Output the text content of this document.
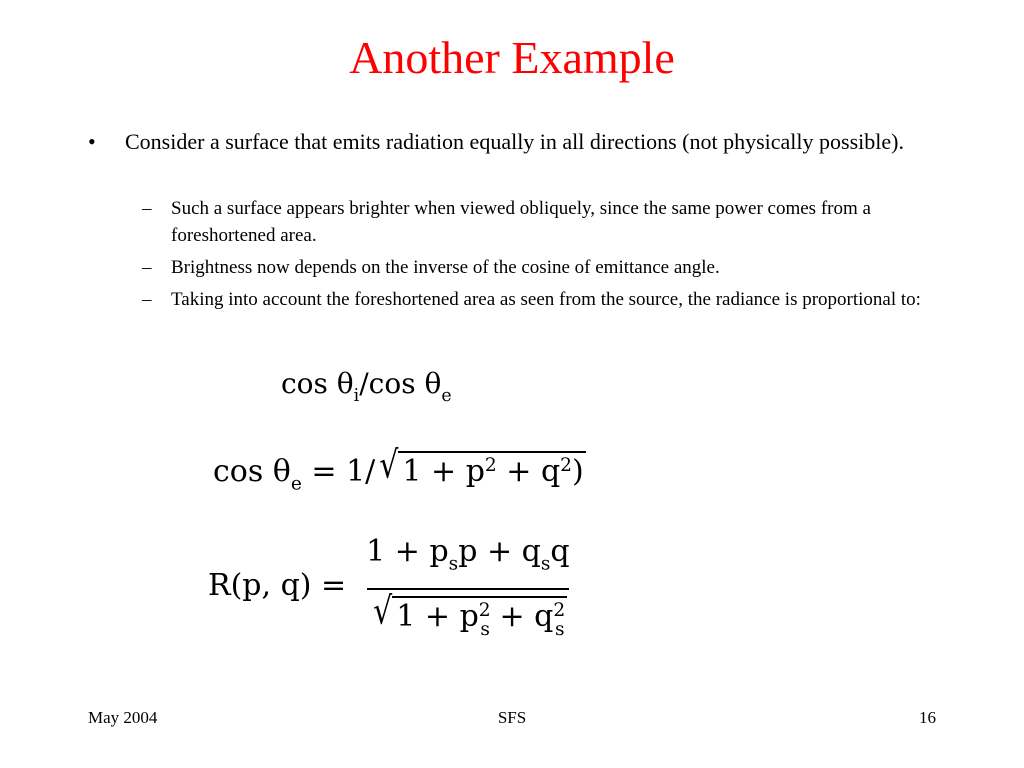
Another Example
• Consider a surface that emits radiation equally in all directions (not physically possible).
– Such a surface appears brighter when viewed obliquely, since the same power comes from a foreshortened area.
– Brightness now depends on the inverse of the cosine of emittance angle.
– Taking into account the foreshortened area as seen from the source, the radiance is proportional to:
$\cos \theta_i/\cos$ $\theta_e$
$\cos \theta_e = 1/$ √ $1 + p^2 + q^2$)
R(p, $q) = \frac{1 + p_sp + q_sq}{√ 1 + p^2_s + q^2_s}$
May 2004	SFS	16
